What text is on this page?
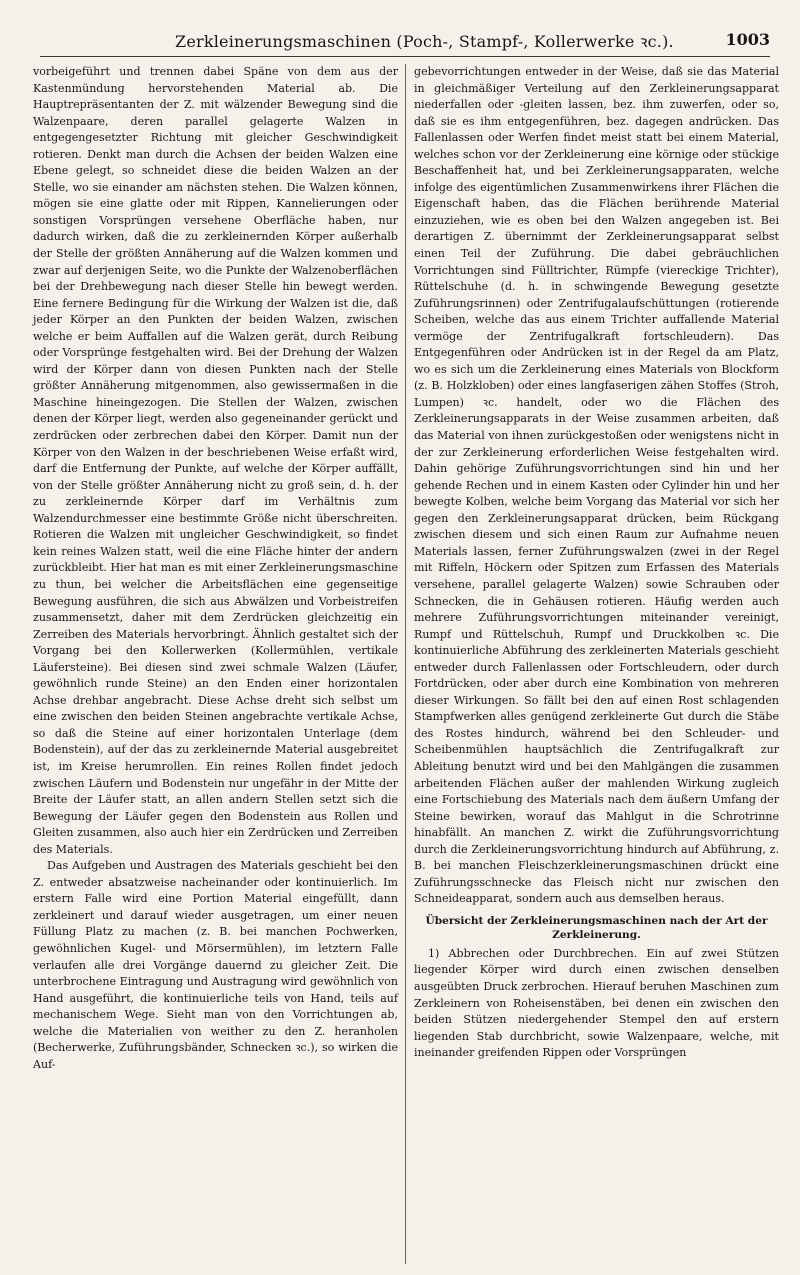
Zerkleinerungsmaschinen (Poch-, Stampf-, Kollerwerke ꝛc.).	1003

vorbeigeführt und trennen dabei Späne von dem aus der Kastenmündung hervorstehenden Material ab. Die Hauptrepräsentanten der Z. mit wälzender Bewegung sind die Walzenpaare, deren parallel gelagerte Walzen in entgegengesetzter Richtung mit gleicher Geschwindigkeit rotieren. Denkt man durch die Achsen der beiden Walzen eine Ebene gelegt, so schneidet diese die beiden Walzen an der Stelle, wo sie einander am nächsten stehen. Die Walzen können, mögen sie eine glatte oder mit Rippen, Kannelierungen oder sonstigen Vorsprüngen versehene Oberfläche haben, nur dadurch wirken, daß die zu zerkleinernden Körper außerhalb der Stelle der größten Annäherung auf die Walzen kommen und zwar auf derjenigen Seite, wo die Punkte der Walzenoberflächen bei der Drehbewegung nach dieser Stelle hin bewegt werden. Eine fernere Bedingung für die Wirkung der Walzen ist die, daß jeder Körper an den Punkten der beiden Walzen, zwischen welche er beim Auffallen auf die Walzen gerät, durch Reibung oder Vorsprünge festgehalten wird. Bei der Drehung der Walzen wird der Körper dann von diesen Punkten nach der Stelle größter Annäherung mitgenommen, also gewissermaßen in die Maschine hineingezogen. Die Stellen der Walzen, zwischen denen der Körper liegt, werden also gegeneinander gerückt und zerdrücken oder zerbrechen dabei den Körper. Damit nun der Körper von den Walzen in der beschriebenen Weise erfaßt wird, darf die Entfernung der Punkte, auf welche der Körper auffällt, von der Stelle größter Annäherung nicht zu groß sein, d. h. der zu zerkleinernde Körper darf im Verhältnis zum Walzendurchmesser eine bestimmte Größe nicht überschreiten. Rotieren die Walzen mit ungleicher Geschwindigkeit, so findet kein reines Walzen statt, weil die eine Fläche hinter der andern zurückbleibt. Hier hat man es mit einer Zerkleinerungsmaschine zu thun, bei welcher die Arbeitsflächen eine gegenseitige Bewegung ausführen, die sich aus Abwälzen und Vorbeistreifen zusammensetzt, daher mit dem Zerdrücken gleichzeitig ein Zerreiben des Materials hervorbringt. Ähnlich gestaltet sich der Vorgang bei den Kollerwerken (Kollermühlen, vertikale Läufersteine). Bei diesen sind zwei schmale Walzen (Läufer, gewöhnlich runde Steine) an den Enden einer horizontalen Achse drehbar angebracht. Diese Achse dreht sich selbst um eine zwischen den beiden Steinen angebrachte vertikale Achse, so daß die Steine auf einer horizontalen Unterlage (dem Bodenstein), auf der das zu zerkleinernde Material ausgebreitet ist, im Kreise herumrollen. Ein reines Rollen findet jedoch zwischen Läufern und Bodenstein nur ungefähr in der Mitte der Breite der Läufer statt, an allen andern Stellen setzt sich die Bewegung der Läufer gegen den Bodenstein aus Rollen und Gleiten zusammen, also auch hier ein Zerdrücken und Zerreiben des Materials.

Das Aufgeben und Austragen des Materials geschieht bei den Z. entweder absatzweise nacheinander oder kontinuierlich. Im erstern Falle wird eine Portion Material eingefüllt, dann zerkleinert und darauf wieder ausgetragen, um einer neuen Füllung Platz zu machen (z. B. bei manchen Pochwerken, gewöhnlichen Kugel- und Mörsermühlen), im letztern Falle verlaufen alle drei Vorgänge dauernd zu gleicher Zeit. Die unterbrochene Eintragung und Austragung wird gewöhnlich von Hand ausgeführt, die kontinuierliche teils von Hand, teils auf mechanischem Wege. Sieht man von den Vorrichtungen ab, welche die Materialien von weither zu den Z. heranholen (Becherwerke, Zuführungsbänder, Schnecken ꝛc.), so wirken die Auf-

gebevorrichtungen entweder in der Weise, daß sie das Material in gleichmäßiger Verteilung auf den Zerkleinerungsapparat niederfallen oder -gleiten lassen, bez. ihm zuwerfen, oder so, daß sie es ihm entgegenführen, bez. dagegen andrücken. Das Fallenlassen oder Werfen findet meist statt bei einem Material, welches schon vor der Zerkleinerung eine körnige oder stückige Beschaffenheit hat, und bei Zerkleinerungsapparaten, welche infolge des eigentümlichen Zusammenwirkens ihrer Flächen die Eigenschaft haben, das die Flächen berührende Material einzuziehen, wie es oben bei den Walzen angegeben ist. Bei derartigen Z. übernimmt der Zerkleinerungsapparat selbst einen Teil der Zuführung. Die dabei gebräuchlichen Vorrichtungen sind Fülltrichter, Rümpfe (viereckige Trichter), Rüttelschuhe (d. h. in schwingende Bewegung gesetzte Zuführungsrinnen) oder Zentrifugalaufschüttungen (rotierende Scheiben, welche das aus einem Trichter auffallende Material vermöge der Zentrifugalkraft fortschleudern). Das Entgegenführen oder Andrücken ist in der Regel da am Platz, wo es sich um die Zerkleinerung eines Materials von Blockform (z. B. Holzkloben) oder eines langfaserigen zähen Stoffes (Stroh, Lumpen) ꝛc. handelt, oder wo die Flächen des Zerkleinerungsapparats in der Weise zusammen arbeiten, daß das Material von ihnen zurückgestoßen oder wenigstens nicht in der zur Zerkleinerung erforderlichen Weise festgehalten wird. Dahin gehörige Zuführungsvorrichtungen sind hin und her gehende Rechen und in einem Kasten oder Cylinder hin und her bewegte Kolben, welche beim Vorgang das Material vor sich her gegen den Zerkleinerungsapparat drücken, beim Rückgang zwischen diesem und sich einen Raum zur Aufnahme neuen Materials lassen, ferner Zuführungswalzen (zwei in der Regel mit Riffeln, Höckern oder Spitzen zum Erfassen des Materials versehene, parallel gelagerte Walzen) sowie Schrauben oder Schnecken, die in Gehäusen rotieren. Häufig werden auch mehrere Zuführungsvorrichtungen miteinander vereinigt, Rumpf und Rüttelschuh, Rumpf und Druckkolben ꝛc. Die kontinuierliche Abführung des zerkleinerten Materials geschieht entweder durch Fallenlassen oder Fortschleudern, oder durch Fortdrücken, oder aber durch eine Kombination von mehreren dieser Wirkungen. So fällt bei den auf einen Rost schlagenden Stampfwerken alles genügend zerkleinerte Gut durch die Stäbe des Rostes hindurch, während bei den Schleuder- und Scheibenmühlen hauptsächlich die Zentrifugalkraft zur Ableitung benutzt wird und bei den Mahlgängen die zusammen arbeitenden Flächen außer der mahlenden Wirkung zugleich eine Fortschiebung des Materials nach dem äußern Umfang der Steine bewirken, worauf das Mahlgut in die Schrotrinne hinabfällt. An manchen Z. wirkt die Zuführungsvorrichtung durch die Zerkleinerungsvorrichtung hindurch auf Abführung, z. B. bei manchen Fleischzerkleinerungsmaschinen drückt eine Zuführungsschnecke das Fleisch nicht nur zwischen den Schneideapparat, sondern auch aus demselben heraus.

Übersicht der Zerkleinerungsmaschinen nach der Art der Zerkleinerung.

1) Abbrechen oder Durchbrechen. Ein auf zwei Stützen liegender Körper wird durch einen zwischen denselben ausgeübten Druck zerbrochen. Hierauf beruhen Maschinen zum Zerkleinern von Roheisenstäben, bei denen ein zwischen den beiden Stützen niedergehender Stempel den auf erstern liegenden Stab durchbricht, sowie Walzenpaare, welche, mit ineinander greifenden Rippen oder Vorsprüngen
